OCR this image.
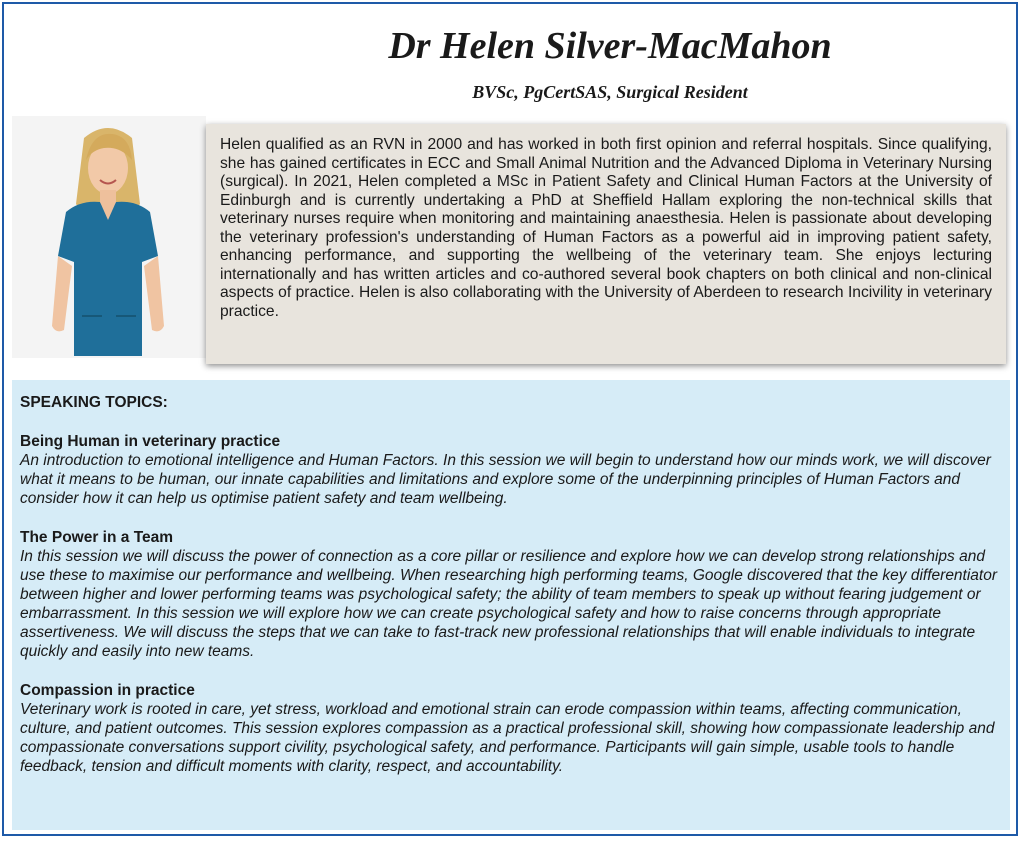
Dr Helen Silver-MacMahon
BVSc, PgCertSAS, Surgical Resident
Helen qualified as an RVN in 2000 and has worked in both first opinion and referral hospitals. Since qualifying, she has gained certificates in ECC and Small Animal Nutrition and the Advanced Diploma in Veterinary Nursing (surgical). In 2021, Helen completed a MSc in Patient Safety and Clinical Human Factors at the University of Edinburgh and is currently undertaking a PhD at Sheffield Hallam exploring the non-technical skills that veterinary nurses require when monitoring and maintaining anaesthesia. Helen is passionate about developing the veterinary profession's understanding of Human Factors as a powerful aid in improving patient safety, enhancing performance, and supporting the wellbeing of the veterinary team. She enjoys lecturing internationally and has written articles and co-authored several book chapters on both clinical and non-clinical aspects of practice. Helen is also collaborating with the University of Aberdeen to research Incivility in veterinary practice.
SPEAKING TOPICS:
Being Human in veterinary practice
An introduction to emotional intelligence and Human Factors. In this session we will begin to understand how our minds work, we will discover what it means to be human, our innate capabilities and limitations and explore some of the underpinning principles of Human Factors and consider how it can help us optimise patient safety and team wellbeing.
The Power in a Team
In this session we will discuss the power of connection as a core pillar or resilience and explore how we can develop strong relationships and use these to maximise our performance and wellbeing. When researching high performing teams, Google discovered that the key differentiator between higher and lower performing teams was psychological safety; the ability of team members to speak up without fearing judgement or embarrassment. In this session we will explore how we can create psychological safety and how to raise concerns through appropriate assertiveness. We will discuss the steps that we can take to fast-track new professional relationships that will enable individuals to integrate quickly and easily into new teams.
Compassion in practice
Veterinary work is rooted in care, yet stress, workload and emotional strain can erode compassion within teams, affecting communication, culture, and patient outcomes. This session explores compassion as a practical professional skill, showing how compassionate leadership and compassionate conversations support civility, psychological safety, and performance. Participants will gain simple, usable tools to handle feedback, tension and difficult moments with clarity, respect, and accountability.
